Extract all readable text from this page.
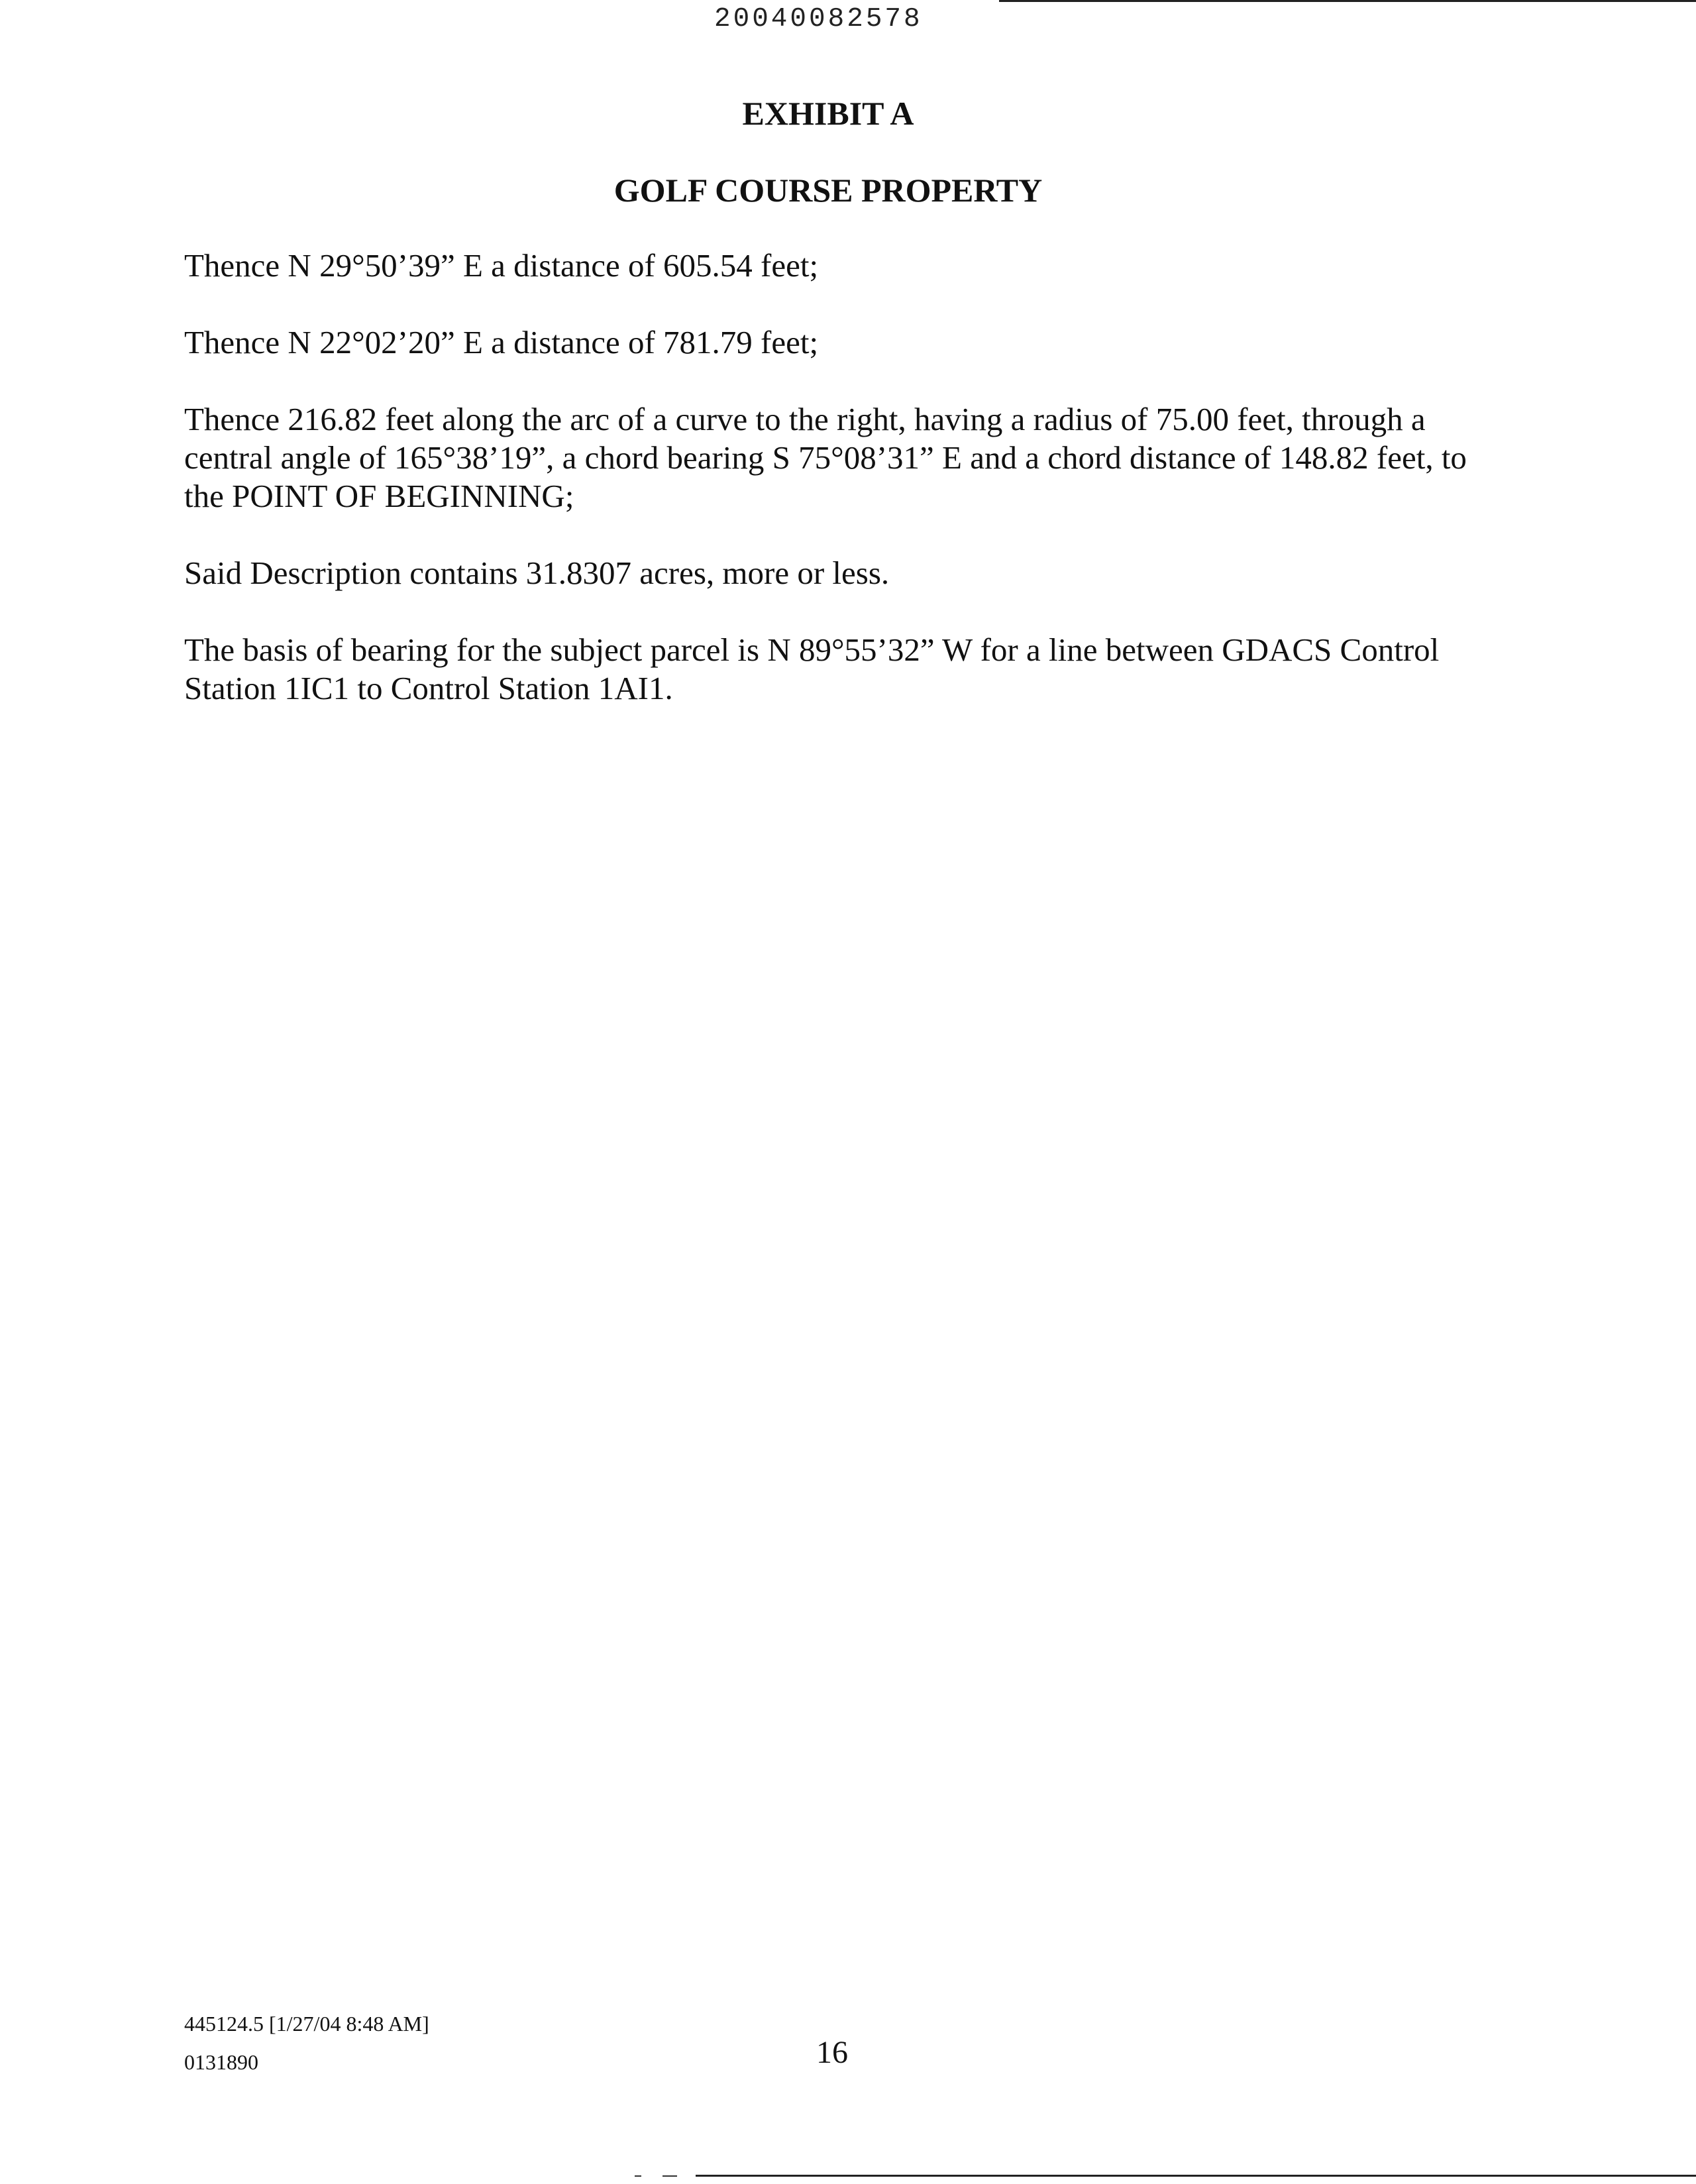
20040082578
EXHIBIT A
GOLF COURSE PROPERTY

Thence N 29°50’39” E a distance of 605.54 feet;

Thence N 22°02’20” E a distance of 781.79 feet;

Thence 216.82 feet along the arc of a curve to the right, having a radius of 75.00 feet, through a central angle of 165°38’19”, a chord bearing S 75°08’31” E and a chord distance of 148.82 feet, to the POINT OF BEGINNING;

Said Description contains 31.8307 acres, more or less.

The basis of bearing for the subject parcel is N 89°55’32” W for a line between GDACS Control Station 1IC1 to Control Station 1AI1.

445124.5 [1/27/04 8:48 AM]
0131890	16
